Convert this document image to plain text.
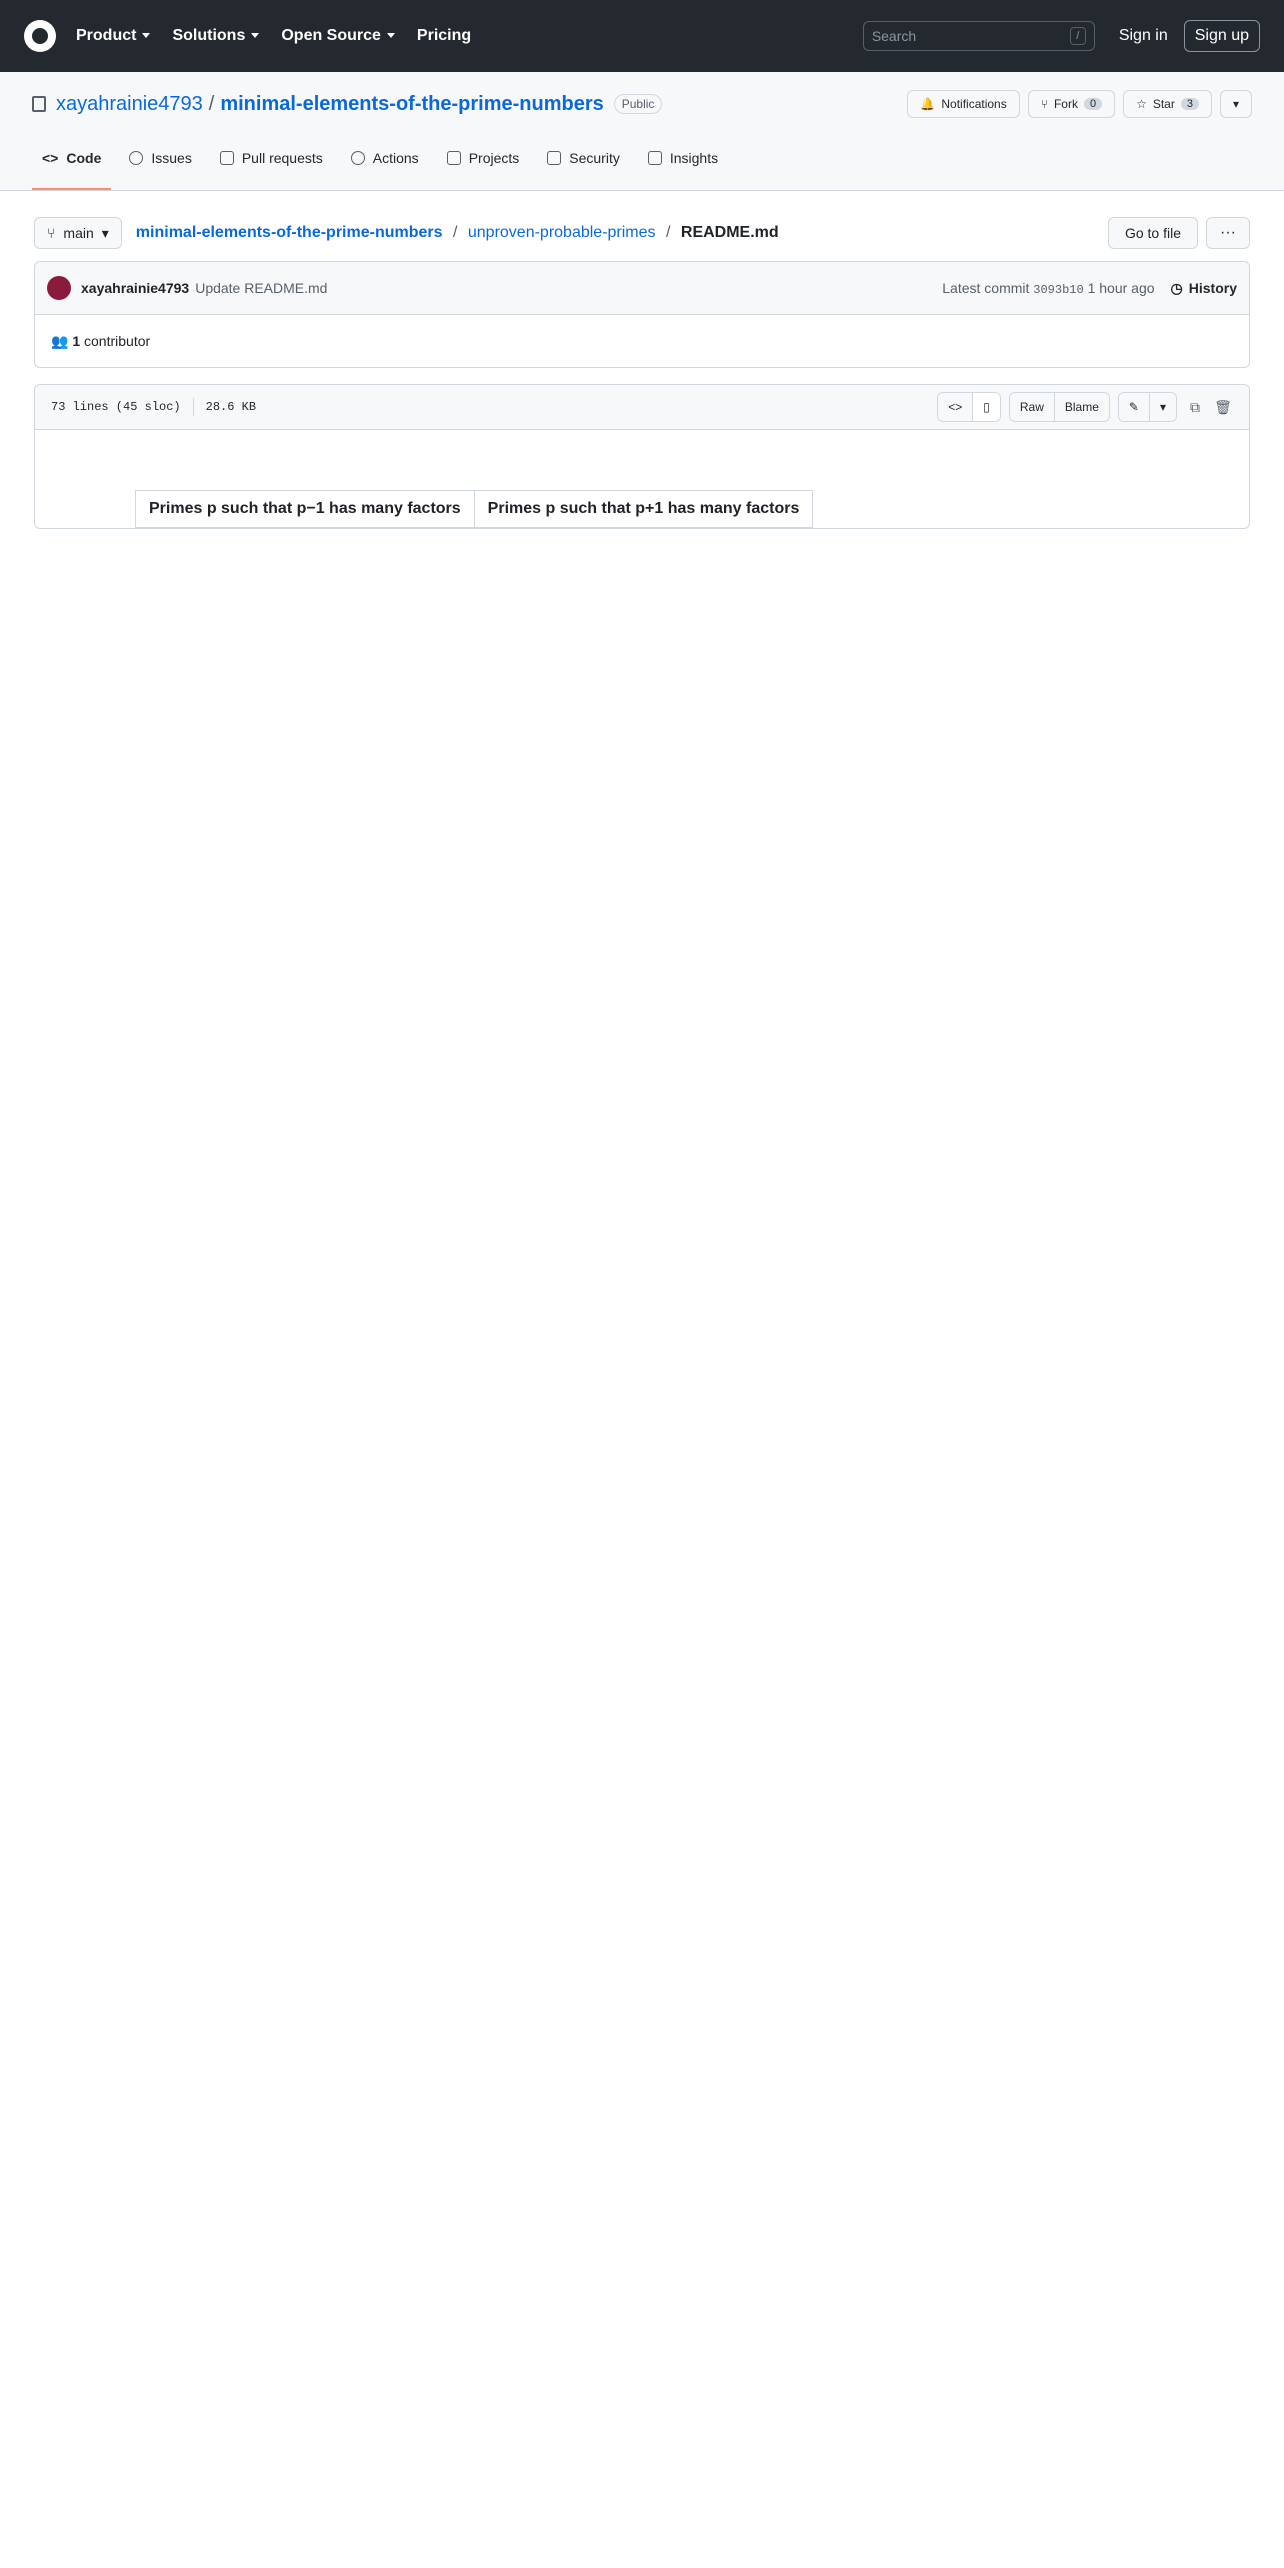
Product	Solutions	Open Source	Pricing	Search	/	Sign in	Sign up
xayahrainie4793 / minimal-elements-of-the-prime-numbers	Public	🔔 Notifications	⑂ Fork	0	☆ Star	3	▾
<> Code	Issues	Pull requests	Actions	Projects	Security	Insights
⑂ main ▾ minimal-elements-of-the-prime-numbers / unproven-probable-primes / README.md	Go to file	···
xayahrainie4793 Update README.md	Latest commit 3093b10 1 hour ago ◷ History
👥
1
contributor
73 lines (45 sloc) 28.6 KB	<>	▯	Raw	Blame	✎	▾	⧉	🗑

Primes p such that p−1 has many factors	Primes p such that p+1 has many factors
